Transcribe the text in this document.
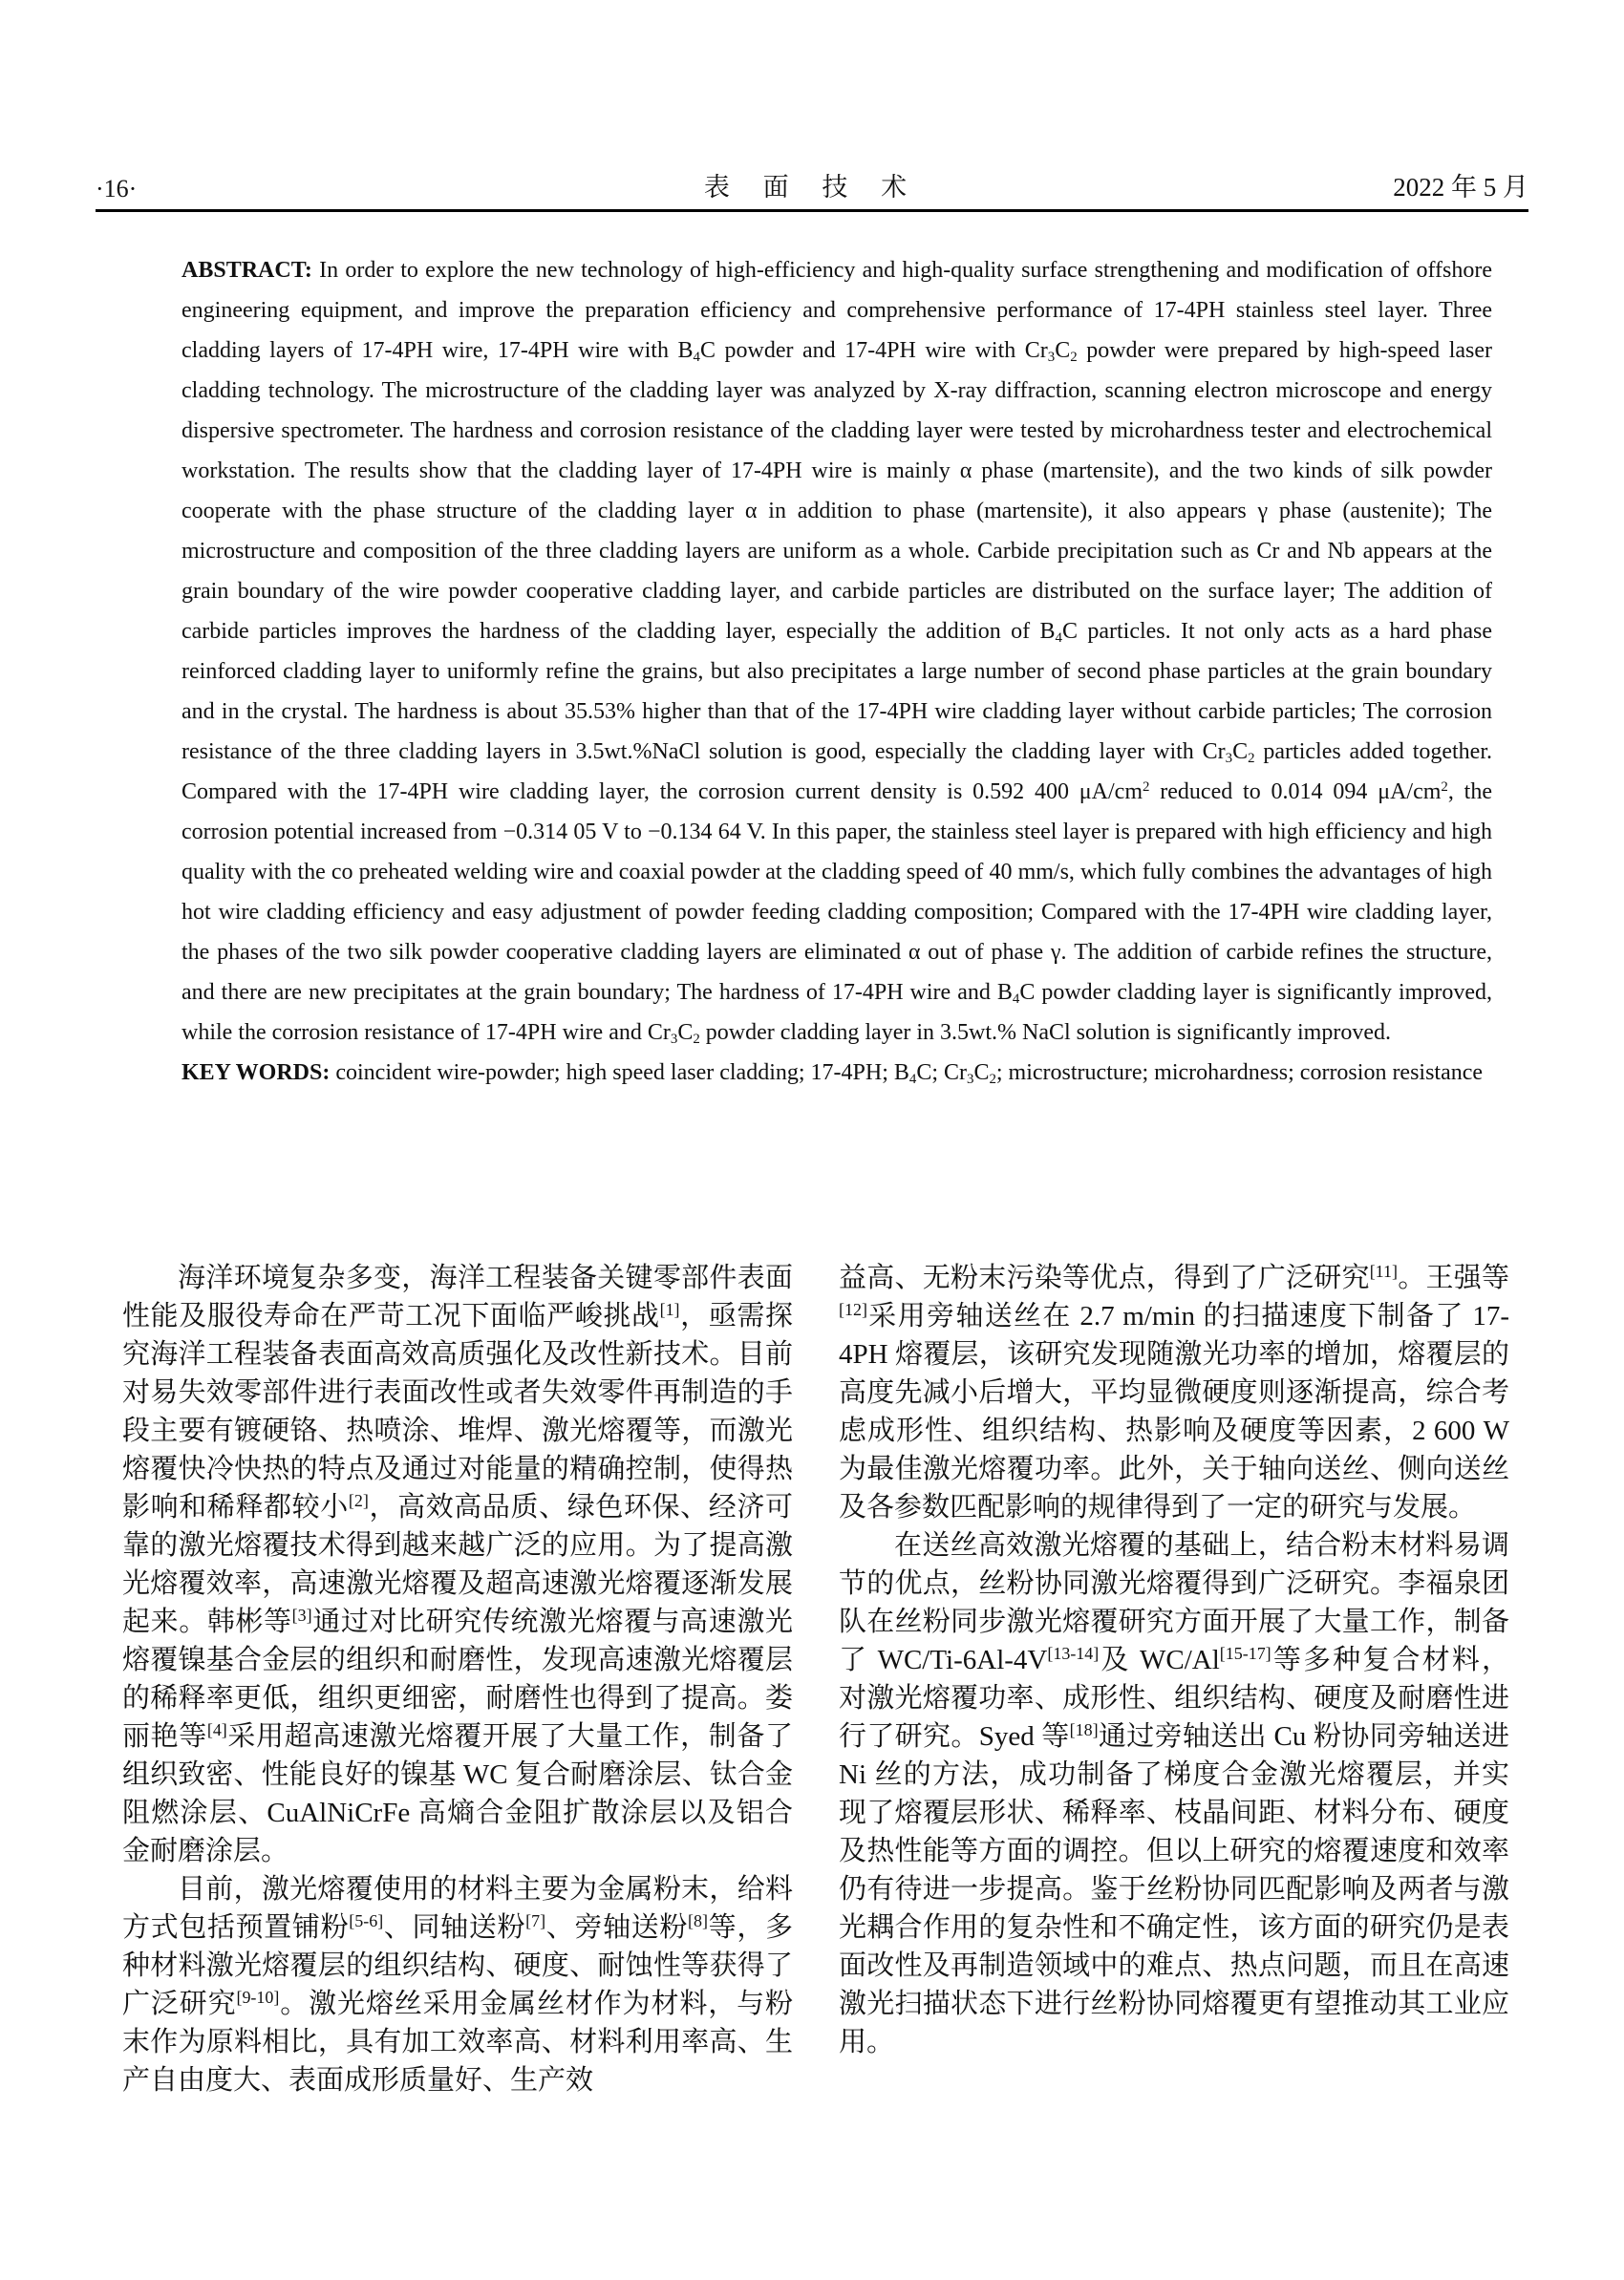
·16·	表 面 技 术	2022 年 5 月

ABSTRACT: In order to explore the new technology of high-efficiency and high-quality surface strengthening and modification of offshore engineering equipment, and improve the preparation efficiency and comprehensive performance of 17-4PH stainless steel layer. Three cladding layers of 17-4PH wire, 17-4PH wire with $B_4C$ powder and 17-4PH wire with $Cr_3C_2$ powder were prepared by high-speed laser cladding technology. The microstructure of the cladding layer was analyzed by X-ray diffraction, scanning electron microscope and energy dispersive spectrometer. The hardness and corrosion resistance of the cladding layer were tested by microhardness tester and electrochemical workstation. The results show that the cladding layer of 17-4PH wire is mainly α phase (martensite), and the two kinds of silk powder cooperate with the phase structure of the cladding layer α in addition to phase (martensite), it also appears γ phase (austenite); The microstructure and composition of the three cladding layers are uniform as a whole. Carbide precipitation such as Cr and Nb appears at the grain boundary of the wire powder cooperative cladding layer, and carbide particles are distributed on the surface layer; The addition of carbide particles improves the hardness of the cladding layer, especially the addition of $B_4C$ particles. It not only acts as a hard phase reinforced cladding layer to uniformly refine the grains, but also precipitates a large number of second phase particles at the grain boundary and in the crystal. The hardness is about 35.53% higher than that of the 17-4PH wire cladding layer without carbide particles; The corrosion resistance of the three cladding layers in 3.5wt.%NaCl solution is good, especially the cladding layer with $Cr_3C_2$ particles added together. Compared with the 17-4PH wire cladding layer, the corrosion current density is 0.592 400 $\mu A/cm^2$ reduced to 0.014 094 $\mu A/cm^2$, the corrosion potential increased from −0.314 05 V to −0.134 64 V. In this paper, the stainless steel layer is prepared with high efficiency and high quality with the co preheated welding wire and coaxial powder at the cladding speed of 40 mm/s, which fully combines the advantages of high hot wire cladding efficiency and easy adjustment of powder feeding cladding composition; Compared with the 17-4PH wire cladding layer, the phases of the two silk powder cooperative cladding layers are eliminated α out of phase γ. The addition of carbide refines the structure, and there are new precipitates at the grain boundary; The hardness of 17-4PH wire and $B_4C$ powder cladding layer is significantly improved, while the corrosion resistance of 17-4PH wire and $Cr_3C_2$ powder cladding layer in 3.5wt.% NaCl solution is significantly improved.

KEY WORDS: coincident wire-powder; high speed laser cladding; 17-4PH; $B_4C$; $Cr_3C_2$; microstructure; microhardness; corrosion resistance

海洋环境复杂多变，海洋工程装备关键零部件表面性能及服役寿命在严苛工况下面临严峻挑战[1]，亟需探究海洋工程装备表面高效高质强化及改性新技术。目前对易失效零部件进行表面改性或者失效零件再制造的手段主要有镀硬铬、热喷涂、堆焊、激光熔覆等，而激光熔覆快冷快热的特点及通过对能量的精确控制，使得热影响和稀释都较小[2]，高效高品质、绿色环保、经济可靠的激光熔覆技术得到越来越广泛的应用。为了提高激光熔覆效率，高速激光熔覆及超高速激光熔覆逐渐发展起来。韩彬等[3]通过对比研究传统激光熔覆与高速激光熔覆镍基合金层的组织和耐磨性，发现高速激光熔覆层的稀释率更低，组织更细密，耐磨性也得到了提高。娄丽艳等[4]采用超高速激光熔覆开展了大量工作，制备了组织致密、性能良好的镍基 WC 复合耐磨涂层、钛合金阻燃涂层、CuAlNiCrFe 高熵合金阻扩散涂层以及铝合金耐磨涂层。

目前，激光熔覆使用的材料主要为金属粉末，给料方式包括预置铺粉[5-6]、同轴送粉[7]、旁轴送粉[8]等，多种材料激光熔覆层的组织结构、硬度、耐蚀性等获得了广泛研究[9-10]。激光熔丝采用金属丝材作为材料，与粉末作为原料相比，具有加工效率高、材料利用率高、生产自由度大、表面成形质量好、生产效

益高、无粉末污染等优点，得到了广泛研究[11]。王强等[12]采用旁轴送丝在 2.7 m/min 的扫描速度下制备了 17-4PH 熔覆层，该研究发现随激光功率的增加，熔覆层的高度先减小后增大，平均显微硬度则逐渐提高，综合考虑成形性、组织结构、热影响及硬度等因素，2 600 W 为最佳激光熔覆功率。此外，关于轴向送丝、侧向送丝及各参数匹配影响的规律得到了一定的研究与发展。

在送丝高效激光熔覆的基础上，结合粉末材料易调节的优点，丝粉协同激光熔覆得到广泛研究。李福泉团队在丝粉同步激光熔覆研究方面开展了大量工作，制备了 WC/Ti-6Al-4V[13-14]及 WC/Al[15-17]等多种复合材料，对激光熔覆功率、成形性、组织结构、硬度及耐磨性进行了研究。Syed 等[18]通过旁轴送出 Cu 粉协同旁轴送进 Ni 丝的方法，成功制备了梯度合金激光熔覆层，并实现了熔覆层形状、稀释率、枝晶间距、材料分布、硬度及热性能等方面的调控。但以上研究的熔覆速度和效率仍有待进一步提高。鉴于丝粉协同匹配影响及两者与激光耦合作用的复杂性和不确定性，该方面的研究仍是表面改性及再制造领域中的难点、热点问题，而且在高速激光扫描状态下进行丝粉协同熔覆更有望推动其工业应用。
